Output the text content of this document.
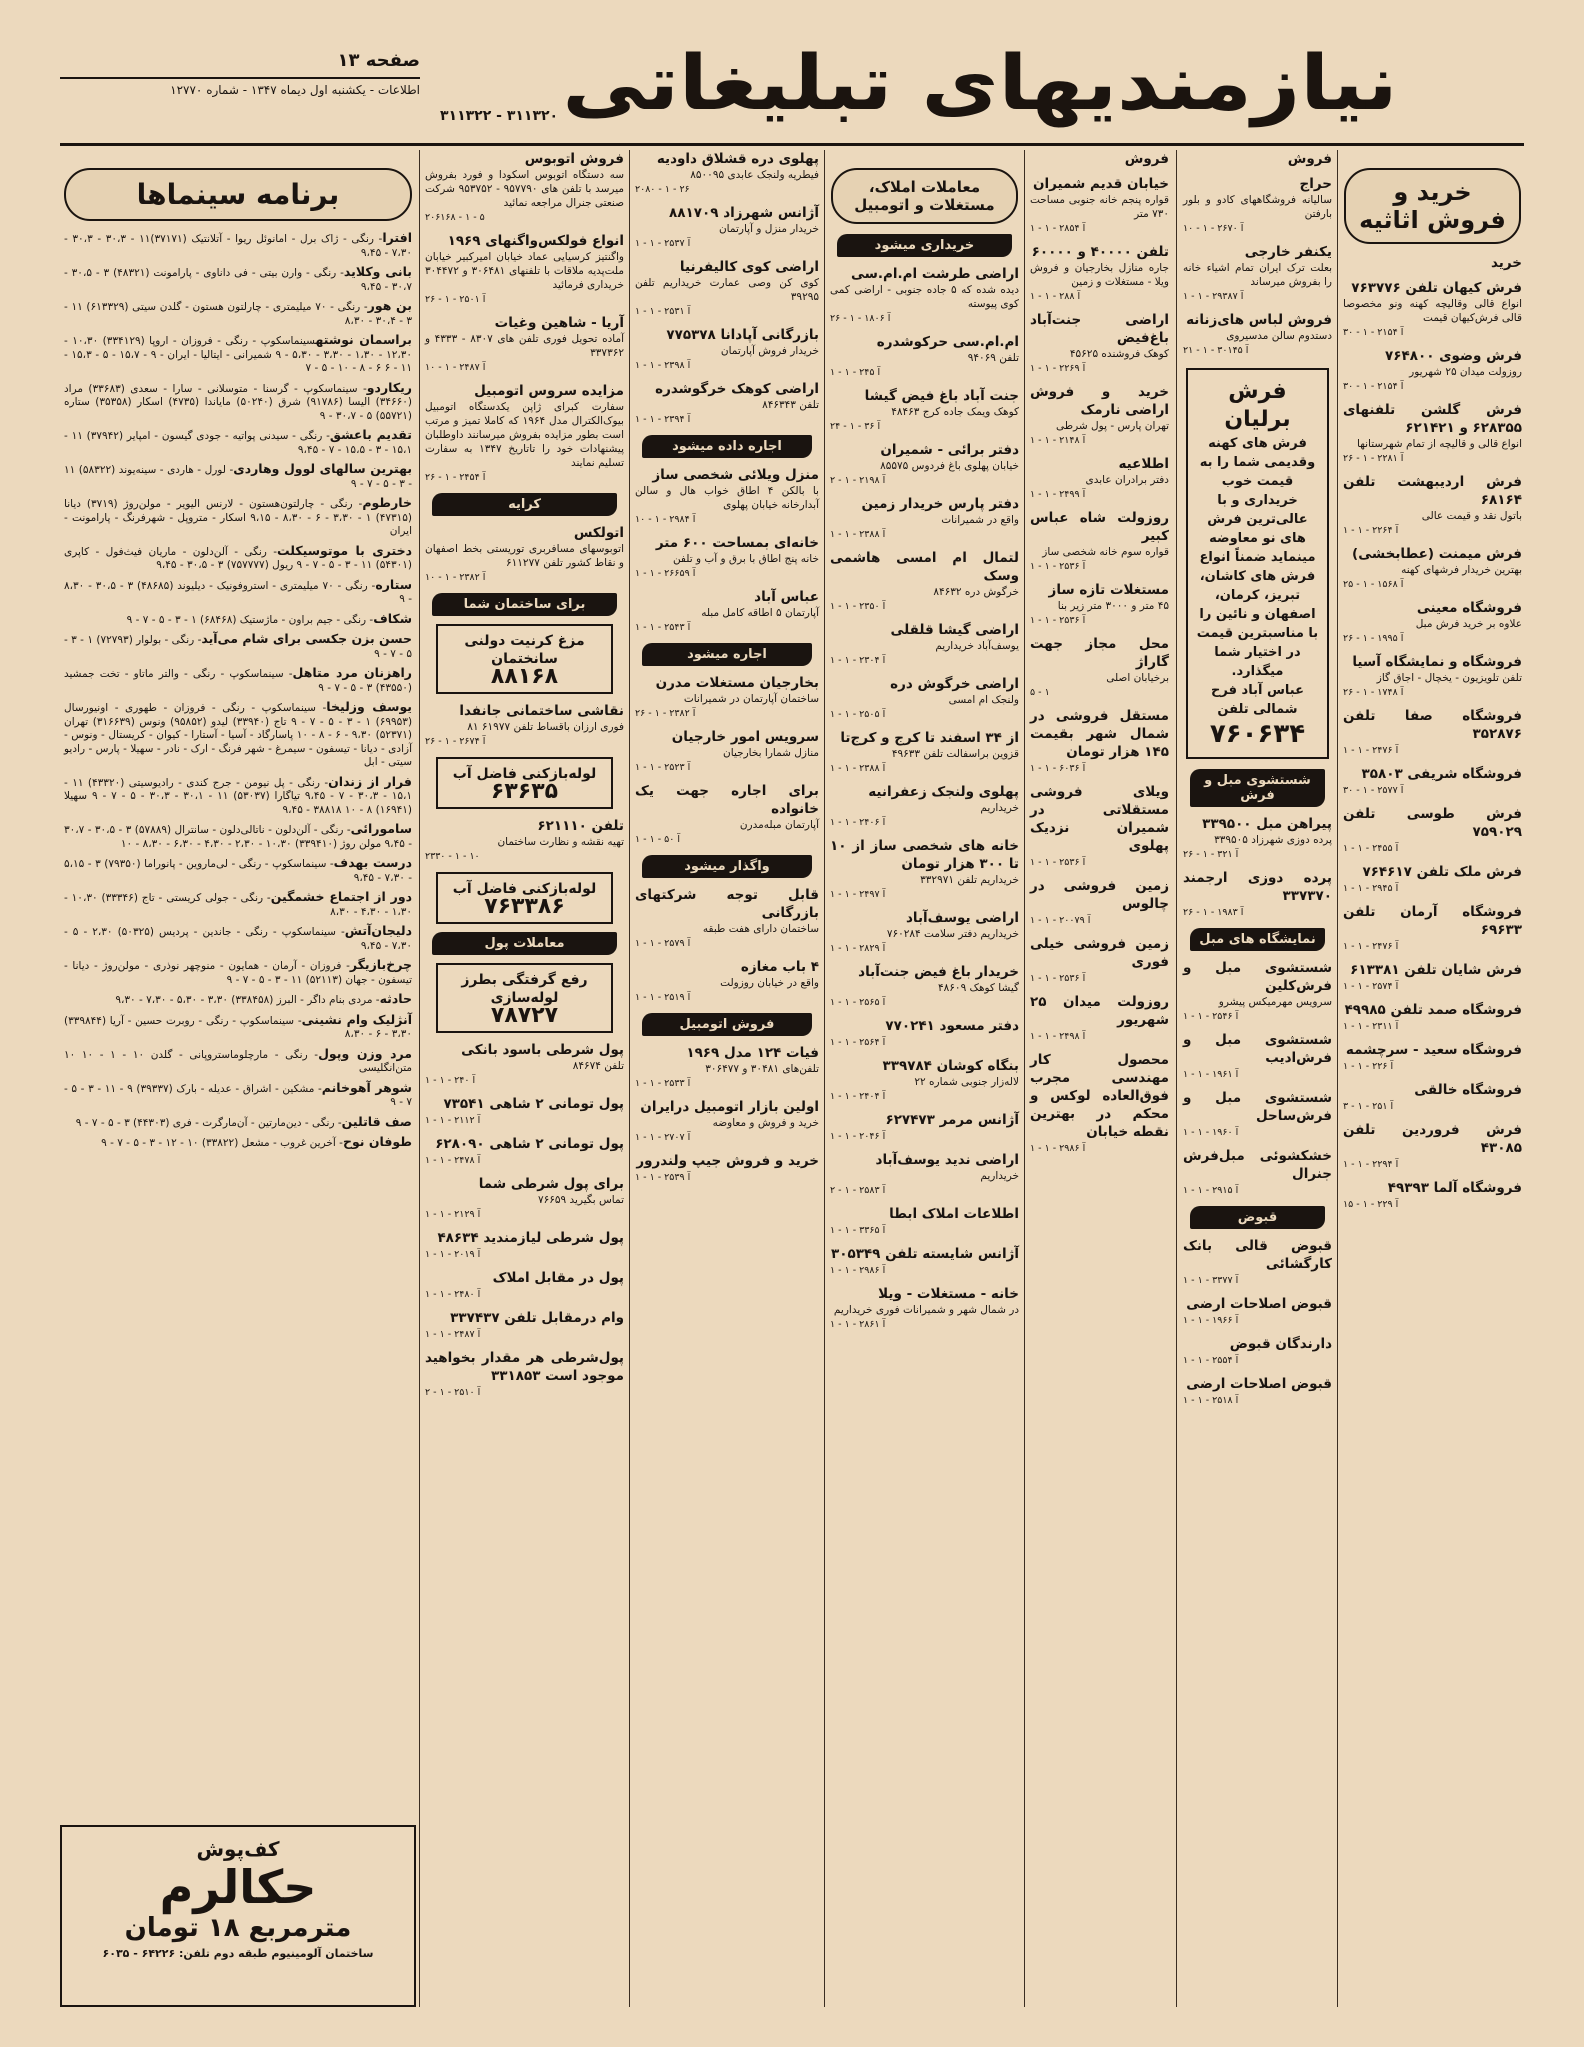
نیازمندیهای تبلیغاتی
۳۱۱۳۲۲ - ۳۱۱۳۲۰
صفحه ۱۳
اطلاعات - یکشنبه اول دیماه ۱۳۴۷ - شماره ۱۲۷۷۰
برنامه سینماها
افترا- رنگی - ژاک برل - امانوئل ریوا - آتلانتیک (۳۷۱۷۱)۱۱ - ۳۰،۳ - ۳۰،۳ - ۷،۳۰ - ۹،۴۵
بانی وکلاید- رنگی - وارن بیتی - فی داناوی - پارامونت (۴۸۳۲۱) ۳ - ۳۰،۵ - ۳۰،۷ - ۹،۴۵
بن هور- رنگی - ۷۰ میلیمتری - چارلتون هستون - گلدن سیتی (۶۱۳۳۲۹) ۱۱ - ۳ - ۳۰،۴ - ۸،۳۰
براسمان نوشتهسینماسکوپ - رنگی - فروزان - اروپا (۳۳۴۱۲۹) ۱۰،۳۰ - ۱۲،۳۰ - ۱،۳۰ - ۳،۳۰ - ۵،۳۰ - ۹ شمیرانی - ایتالیا - ایران - ۹ - ۱۵،۷ - ۵ - ۱۵،۳ - ۱۱ - ۶ ۶ - ۸ - ۱۰ - ۵ - ۷
ریکاردو- سینماسکوپ - گرسنا - متوسلانی - سارا - سعدی (۳۳۶۸۳) مراد (۳۴۶۶۰) الیسا (۹۱۷۸۶) شرق (۵۰۲۴۰) مایاندا (۴۷۳۵) اسکار (۳۵۳۵۸) ستاره (۵۵۷۲۱) ۵ - ۳۰،۷ - ۹
تقدیم باعشق- رنگی - سیدنی پواتیه - جودی گیسون - امپایر (۳۷۹۴۲) ۱۱ - ۱۵،۱ - ۳ - ۱۵،۵ - ۷ - ۹،۴۵
بهترین سالهای لوول وهاردی- لورل - هاردی - سینه‌یوند (۵۸۳۲۲) ۱۱ - ۳ - ۵ - ۷ - ۹
خارطوم- رنگی - چارلتون‌هستون - لارنس الیویر - مولن‌روژ (۳۷۱۹) دیانا (۴۷۳۱۵) ۱ - ۳،۳۰ - ۶ - ۸،۳۰ - ۹،۱۵ اسکار - متروپل - شهرفرنگ - پارامونت - ایران
دختری با موتوسیکلت- رنگی - آلن‌دلون - ماریان فیث‌فول - کاپری (۵۴۳۰۱) ۱۱ - ۳ - ۵ - ۷ - ۹ ریول (۷۵۷۷۷۷) ۳ - ۳۰،۵ - ۹،۴۵
ستاره- رنگی - ۷۰ میلیمتری - استروفونیک - دیلیوند (۴۸۶۸۵) ۳ - ۳۰،۵ - ۸،۳۰ - ۹
شکاف- رنگی - جیم براون - ماژستیک (۶۸۴۶۸) ۱ - ۳ - ۵ - ۷ - ۹
حسن بزن جکسی برای شام می‌آید- رنگی - بولوار (۷۲۷۹۳) ۱ - ۳ - ۵ - ۷ - ۹
راهزنان مرد متاهل- سینماسکوپ - رنگی - والتر ماتاو - تخت جمشید (۴۳۵۵۰) ۳ - ۵ - ۷ - ۹
یوسف وزلیخا- سینماسکوپ - رنگی - فروزان - طهوری - اونیورسال (۶۹۹۵۳) ۱ - ۳ - ۵ - ۷ - ۹ تاج (۳۳۹۴۰) لیدو (۹۵۸۵۲) ونوس (۳۱۶۶۳۹) تهران (۵۲۳۷۱) ۹،۳۰ - ۶ - ۸ - ۱۰ پاسارگاد - آسیا - آستارا - کیوان - کریستال - ونوس - آزادی - دیانا - تیسفون - سیمرغ - شهر فرنگ - ارک - نادر - سهیلا - پارس - رادیو سیتی - ابل
فرار از زندان- رنگی - پل نیومن - جرج کندی - رادیوسیتی (۴۳۳۲۰) ۱۱ - ۱۵،۱ - ۳۰،۳ - ۷ - ۹،۴۵ تیاگارا (۵۳۰۳۷) ۱۱ - ۳۰،۱ - ۳۰،۳ - ۵ - ۷ - ۹ سهیلا (۱۶۹۴۱) ۸ - ۱۰ ۳۸۸۱۸ - ۹،۴۵
سامورائی- رنگی - آلن‌دلون - ناتالی‌دلون - سانترال (۵۷۸۸۹) ۳ - ۳۰،۵ - ۳۰،۷ - ۹،۴۵ مولن روژ (۳۳۹۴۱۰) ۱۰،۳۰ - ۲،۳۰ - ۴،۳۰ - ۶،۳۰ - ۸،۳۰ - ۱۰
درست بهدف- سینماسکوپ - رنگی - لی‌ماروین - پانوراما (۷۹۳۵۰) ۳ - ۵،۱۵ - ۷،۳۰ - ۹،۴۵
دور از اجتماع خشمگین- رنگی - جولی کریستی - تاج (۳۳۳۴۶) ۱۰،۳۰ - ۱،۳۰ - ۴،۳۰ - ۸،۳۰
دلیجان‌آتش- سینماسکوپ - رنگی - جاندین - پردیس (۵۰۳۲۵) ۲،۳۰ - ۵ - ۷،۳۰ - ۹،۴۵
چرخ‌بازیگر- فروزان - آرمان - همایون - منوچهر نوذری - مولن‌روژ - دیانا - تیسفون - جهان (۵۲۱۱۳) ۱۱ - ۳ - ۵ - ۷ - ۹
حادثه- مردی بنام داگر - البرز (۳۳۸۴۵۸) ۳،۳۰ - ۵،۳۰ - ۷،۳۰ - ۹،۳۰
آنژلیک وام نشینی- سینماسکوپ - رنگی - روبرت حسین - آریا (۳۳۹۸۴۴) ۳،۳۰ - ۶ - ۸،۳۰
مرد وزن وپول- رنگی - مارچلوماستروپانی - گلدن ۱۰ - ۱ - ۱۰ ۱۰ متن‌انگلیسی
شوهر آهوخانم- مشکین - اشراق - عدیله - بارک (۳۹۳۳۷) ۹ - ۱۱ - ۳ - ۵ - ۷ - ۹
صف قاتلین- رنگی - دین‌مارتین - آن‌مارگرت - فری (۴۴۳۰۳) ۳ - ۵ - ۷ - ۹
طوفان نوح- آخرین غروب - مشعل (۳۳۸۲۲) ۱۰ - ۱۲ - ۳ - ۵ - ۷ - ۹
کف‌پوش
حکالرم
مترمربع ۱۸ تومان
ساختمان آلومینیوم طبقه دوم تلفن: ۶۴۲۲۶ - ۶۰۳۵
فروش اتوبوس
سه دستگاه اتوبوس اسکودا و فورد بفروش میرسد با تلفن های ۹۵۷۷۹۰ - ۹۵۳۷۵۲ شرکت صنعتی جنرال مراجعه نمائید
۲۰۶۱۶۸ - ۱ - ۵
انواع فولکس‌واگنهای ۱۹۶۹
واگنتیز کرسیایی عماد خیابان امیرکبیر خیابان ملت‌پدیه ملاقات با تلفنهای ۳۰۶۴۸۱ و ۳۰۴۴۷۲ خریداری فرمائید
آ ۲۵۰۱ - ۱ - ۲۶
آریا - شاهین وغیات
آماده تحویل فوری تلفن های ۸۳۰۷ - ۴۳۳۳ و ۳۳۷۳۶۲
آ ۲۴۸۷ - ۱ - ۱۰
مزایده سروس اتومبیل
سفارت کبرای ژاپن یکدستگاه اتومبیل بیوک‌الکترال مدل ۱۹۶۴ که کاملا تمیز و مرتب است بطور مزایده بفروش میرسانند داوطلبان پیشنهادات خود را تاتاریخ ۱۳۴۷ به سفارت تسلیم نمایند
آ ۲۴۵۴ - ۱ - ۲۶
کرایه
اتولکس
اتوبوسهای مسافربری توریستی بخط اصفهان و نقاط کشور تلفن ۶۱۱۲۷۷
آ ۲۳۸۲ - ۱ - ۱۰
برای ساختمان شما
مزغ کرنیت دولنی سانختمان
۸۸۱۶۸
نقاشی ساختمانی جانفدا
فوری ارزان باقساط تلفن ۶۱۹۷۷ ۸۱
آ ۲۶۷۴ - ۱ - ۲۶
لوله‌بازکنی فاضل آب
۶۳۶۳۵
تلفن ۶۲۱۱۱۰
تهیه نقشه و نظارت ساختمان
۲۳۳۰ - ۱ - ۱۰
لوله‌بازکنی فاضل آب
۷۶۳۳۸۶
معاملات پول
رفع گرفتگی بطرز لوله‌سازی
۷۸۷۲۷
پول شرطی باسود بانکی
تلفن ۸۴۶۷۴
آ ۲۴۰ - ۱ - ۱
پول تومانی ۲ شاهی ۷۳۵۴۱
آ ۲۱۱۲ - ۱ - ۱
پول تومانی ۲ شاهی ۶۲۸۰۹۰
آ ۲۴۷۸ - ۱ - ۱
برای پول شرطی شما
تماس بگیرید ۷۶۶۵۹
آ ۲۱۲۹ - ۱ - ۱
پول شرطی لیازمندید ۴۸۶۳۴
آ ۲۰۱۹ - ۱ - ۱
پول در مقابل املاک
آ ۲۴۸۰ - ۱ - ۱
وام درمقابل تلفن ۳۳۷۴۳۷
آ ۲۴۸۷ - ۱ - ۱
پول‌شرطی هر مقدار بخواهید موجود است ۳۳۱۸۵۳
آ ۲۵۱۰ - ۱ - ۲
پهلوی دره قشلاق داودیه
فیطریه ولنجک عابدی ۸۵۰۰۹۵
۲۰۸۰ - ۱ - ۲۶
آژانس شهرزاد ۸۸۱۷۰۹
خریدار منزل و آپارتمان
آ ۲۵۳۷ - ۱ - ۱
اراضی کوی کالیفرنیا
کوی کن وصی عمارت خریداریم تلفن ۳۹۲۹۵
آ ۲۵۳۱ - ۱ - ۱
بازرگانی آپادانا ۷۷۵۳۷۸
خریدار فروش آپارتمان
آ ۲۳۹۸ - ۱ - ۱
اراضی کوهک خرگوشدره
تلفن ۸۴۶۳۴۳
آ ۲۳۹۴ - ۱ - ۱
اجاره داده میشود
منزل ویلائی شخصی ساز
با بالکن ۴ اطاق خواب هال و سالن آبدارخانه خیابان پهلوی
آ ۲۹۸۴ - ۱ - ۱۰
خانه‌ای بمساحت ۶۰۰ متر
خانه پنج اطاق با برق و آب و تلفن
آ ۲۶۶۵۹ - ۱ - ۱
عباس آباد
آپارتمان ۵ اطاقه کامل مبله
آ ۲۵۴۳ - ۱ - ۱
اجاره میشود
بخارجیان مستغلات مدرن
ساختمان آپارتمان در شمیرانات
آ ۲۳۸۲ - ۱ - ۲۶
سرویس امور خارجیان
منازل شمارا بخارجیان
آ ۲۵۲۳ - ۱ - ۱
برای اجاره جهت یک خانواده
آپارتمان مبله‌مدرن
آ ۵۰ - ۱ - ۱
واگذار میشود
قابل توجه شرکتهای بازرگانی
ساختمان دارای هفت طبقه
آ ۲۵۷۹ - ۱ - ۱
۴ باب مغازه
واقع در خیابان روزولت
آ ۲۵۱۹ - ۱ - ۱
فروش اتومبیل
فیات ۱۲۴ مدل ۱۹۶۹
تلفن‌های ۳۰۴۸۱ و ۳۰۶۴۷۷
آ ۲۵۳۳ - ۱ - ۱
اولین بازار اتومبیل درایران
خرید و فروش و معاوضه
آ ۲۷۰۷ - ۱ - ۱
خرید و فروش جیپ ولندرور
آ ۲۵۳۹ - ۱ - ۱
معاملات املاک، مستغلات و اتومبیل
خریداری میشود
اراضی طرشت ام.ام.سی
دیده شده که ۵ جاده جنوبی - اراضی کمی کوی پیوسته
آ ۱۸۰۶ - ۱ - ۲۶
ام.ام.سی حرکوشدره
تلفن ۹۴۰۶۹
آ ۲۴۵ - ۱ - ۱
جنت آباد باغ فیض گیشا
کوهک ویمک جاده کرج ۴۸۴۶۳
آ ۳۶ - ۱ - ۲۴
دفتر برائی - شمیران
خیابان پهلوی باغ فردوس ۸۵۵۷۵
آ ۲۱۹۸ - ۱ - ۲
دفتر پارس خریدار زمین
واقع در شمیرانات
آ ۲۳۸۸ - ۱ - ۱
لتمال ام امسی هاشمی وسک
خرگوش دره ۸۴۶۳۲
آ ۲۳۵۰ - ۱ - ۱
اراضی گیشا قلقلی
یوسف‌آباد خریداریم
آ ۲۳۰۴ - ۱ - ۱
اراضی خرگوش دره
ولنجک ام امسی
آ ۲۵۰۵ - ۱ - ۱
از ۳۴ اسفند تا کرج و کرج‌تا
قزوین براسفالت تلفن ۴۹۶۳۳
آ ۲۳۸۸ - ۱ - ۱
پهلوی ولنجک زعفرانیه
خریداریم
آ ۲۴۰۶ - ۱ - ۱
خانه های شخصی ساز از ۱۰ تا ۳۰۰ هزار تومان
خریداریم تلفن ۳۳۲۹۷۱
آ ۲۴۹۷ - ۱ - ۱
اراضی یوسف‌آباد
خریداریم دفتر سلامت ۷۶۰۲۸۴
آ ۲۸۲۹ - ۱ - ۱
خریدار باغ فیض جنت‌آباد
گیشا کوهک ۴۸۶۰۹
آ ۲۵۶۵ - ۱ - ۱
دفتر مسعود ۷۷۰۲۴۱
آ ۲۵۶۴ - ۱ - ۱
بنگاه کوشان ۳۳۹۷۸۴
لاله‌زار جنوبی شماره ۲۲
آ ۲۴۰۴ - ۱ - ۱
آژانس مرمر ۶۲۷۴۷۳
آ ۲۰۴۶ - ۱ - ۱
اراضی ندید یوسف‌آباد
خریداریم
آ ۲۵۸۳ - ۱ - ۲
اطلاعات املاک ابطا
آ ۳۳۶۵ - ۱ - ۱
آژانس شایسته تلفن ۳۰۵۳۴۹
آ ۲۹۸۶ - ۱ - ۱
خانه - مستغلات - ویلا
در شمال شهر و شمیرانات فوری خریداریم
آ ۲۸۶۱ - ۱ - ۱
فروش
خیابان قدیم شمیران
قواره پنجم خانه جنوبی مساحت ۷۳۰ متر
آ ۲۸۵۴ - ۱ - ۱
تلفن ۴۰۰۰۰ و ۶۰۰۰۰
جاره منازل بخارجیان و فروش ویلا - مستغلات و زمین
آ ۲۸۸ - ۱ - ۱
اراضی جنت‌آباد باغ‌فیض
کوهک فروشنده ۴۵۶۲۵
آ ۲۲۶۹ - ۱ - ۱
خرید و فروش اراضی نارمک
تهران پارس - پول شرطی
آ ۲۱۴۸ - ۱ - ۱
اطلاعیه
دفتر برادران عابدی
آ ۲۴۹۹ - ۱ - ۱
روزولت شاه عباس کبیر
قواره سوم خانه شخصی ساز
آ ۲۵۳۶ - ۱ - ۱
مستغلات تازه ساز
۴۵ متر و ۳۰۰۰ متر زیر بنا
آ ۲۵۳۶ - ۱ - ۱
محل مجاز جهت گاراژ
برخیابان اصلی
۵ - ۱
مستقل فروشی در شمال شهر بقیمت ۱۴۵ هزار تومان
آ ۶۰۳۶ - ۱ - ۱
ویلای فروشی مستقلاتی در شمیران نزدیک پهلوی
آ ۲۵۳۶ - ۱ - ۱
زمین فروشی در چالوس
آ ۲۰۰۷۹ - ۱ - ۱
زمین فروشی خیلی فوری
آ ۲۵۳۶ - ۱ - ۱
روزولت میدان ۲۵ شهریور
آ ۲۴۹۸ - ۱ - ۱
محصول کار مهندسی مجرب فوق‌العاده لوکس و محکم در بهترین نقطه خیابان
آ ۲۹۸۶ - ۱ - ۱
فروش
حراج
سالیانه فروشگاههای کادو و بلور بارفتن
آ ۲۶۷۰ - ۱ - ۱۰
یکنفر خارجی
بعلت ترک ایران تمام اشیاء خانه را بفروش میرساند
آ ۲۹۳۸۷ - ۱ - ۱
فروش لباس های‌زنانه
دستدوم سالن مدسیروی
آ ۳۰۱۴۵ - ۱ - ۲۱
فرش برلیان
فرش های کهنه وقدیمی شما را به قیمت خوب خریداری و با عالی‌ترین فرش های نو معاوضه مینماید ضمناً انواع فرش های کاشان، تبریز، کرمان، اصفهان و نائین را با مناسبترین قیمت در اختیار شما میگذارد.
عباس آباد فرح شمالی تلفن
۷۶۰۶۳۴
شستشوی مبل و فرش
پیراهن مبل ۳۳۹۵۰۰
پرده دوزی شهرزاد ۳۳۹۵۰۵
آ ۳۲۱ - ۱ - ۲۶
پرده دوزی ارجمند ۳۳۷۳۷۰
آ ۱۹۸۳ - ۱ - ۲۶
نمایشگاه های مبل
شستشوی مبل و فرش‌کلین
سرویس مهرمیکس پیشرو
آ ۲۵۴۶ - ۱ - ۱
شستشوی مبل و فرش‌ادیب
آ ۱۹۶۱ - ۱ - ۱
شستشوی مبل و فرش‌ساحل
آ ۱۹۶۰ - ۱ - ۱
خشکشوئی مبل‌فرش جنرال
آ ۲۹۱۵ - ۱ - ۱
قبوض
قبوض قالی بانک کارگشائی
آ ۳۳۷۷ - ۱ - ۱
قبوض اصلاحات ارضی
آ ۱۹۶۶ - ۱ - ۱
دارندگان قبوض
آ ۲۵۵۴ - ۱ - ۱
قبوض اصلاحات ارضی
آ ۲۵۱۸ - ۱ - ۱
خرید و فروش اثاثیه
خرید
فرش کیهان تلفن ۷۶۳۷۷۶
انواع قالی وقالیچه کهنه ونو مخصوصا قالی فرش‌کیهان قیمت
آ ۲۱۵۴ - ۱ - ۳۰
فرش وضوی ۷۶۴۸۰۰
روزولت میدان ۲۵ شهریور
آ ۲۱۵۴ - ۱ - ۳۰
فرش گلشن تلفنهای ۶۲۸۳۵۵ و ۶۲۱۴۲۱
انواع قالی و قالیچه از تمام شهرستانها
آ ۲۲۸۱ - ۱ - ۲۶
فرش اردیبهشت تلفن ۶۸۱۶۴
باتول نقد و قیمت عالی
آ ۲۲۶۴ - ۱ - ۱
فرش میمنت (عطابخشی)
بهترین خریدار فرشهای کهنه
آ ۱۵۶۸ - ۱ - ۲۵
فروشگاه معینی
علاوه بر خرید فرش مبل
آ ۱۹۹۵ - ۱ - ۲۶
فروشگاه و نمایشگاه آسیا
تلفن تلویزیون - یخچال - اجاق گاز
آ ۱۷۴۸ - ۱ - ۲۶
فروشگاه صفا تلفن ۳۵۲۸۷۶
آ ۲۴۷۶ - ۱ - ۱
فروشگاه شریفی ۳۵۸۰۳
آ ۲۵۷۷ - ۱ - ۳۰
فرش طوسی تلفن ۷۵۹۰۲۹
آ ۲۴۵۵ - ۱ - ۱
فرش ملک تلفن ۷۶۴۶۱۷
آ ۲۹۴۵ - ۱ - ۱
فروشگاه آرمان تلفن ۶۹۶۳۳
آ ۲۴۷۶ - ۱ - ۱
فرش شایان تلفن ۶۱۳۳۸۱
آ ۲۵۷۴ - ۱ - ۱
فروشگاه صمد تلفن ۴۹۹۸۵
آ ۲۳۱۱ - ۱ - ۱
فروشگاه سعید - سرچشمه
آ ۲۲۶ - ۱ - ۱
فروشگاه خالقی
آ ۲۵۱ - ۱ - ۳
فرش فروردین تلفن ۴۳۰۸۵
آ ۲۲۹۴ - ۱ - ۱
فروشگاه آلما ۴۹۳۹۳
آ ۲۲۹ - ۱ - ۱۵
